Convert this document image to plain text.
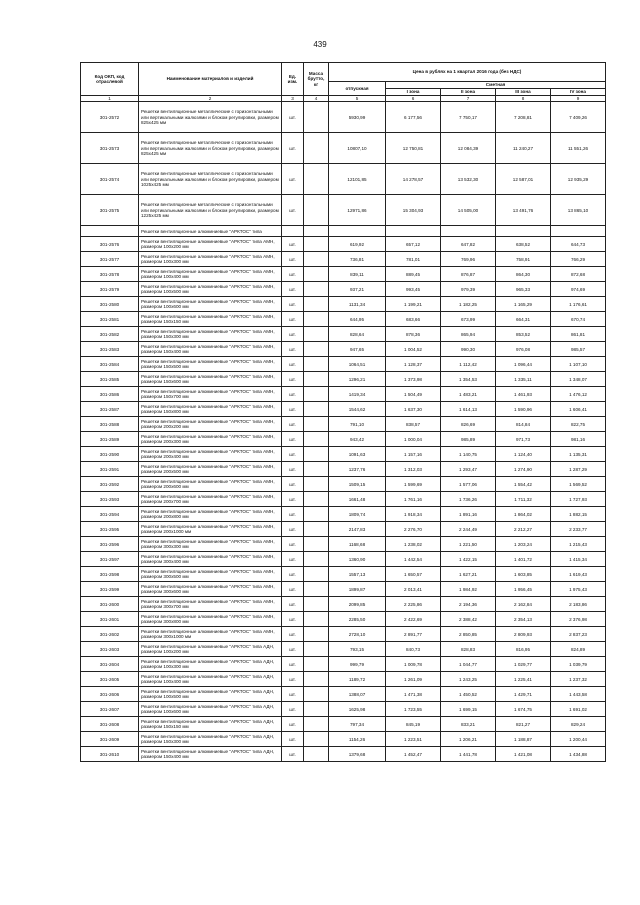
439
Код ОКП, код отраслевой	Наименование материалов и изделий	Ед. изм.	Масса брутто, кг	Цена в рублях на 1 квартал 2016 года (без НДС)				
				отпускная	Сметная			
					I зона	II зона	III зона	IV зона
1	2	3	4	5	6	7	8	9
301-2572	Решетки вентиляционные металлические с горизонтальными или вертикальными жалюзями и блоком регулировки, размером 825х425 мм	шт.		5930,99	6 177,56	7 750,17	7 208,81	7 409,26
301-2573	Решетки вентиляционные металлические с горизонтальными или вертикальными жалюзями и блоком регулировки, размером 825х425 мм	шт.		10807,10	12 750,81	12 084,39	11 240,27	11 551,26
301-2574	Решетки вентиляционные металлические с горизонтальными или вертикальными жалюзями и блоком регулировки, размером 1025х425 мм	шт.		12101,85	14 278,57	13 532,30	12 587,01	12 935,29
301-2575	Решетки вентиляционные металлические с горизонтальными или вертикальными жалюзями и блоком регулировки, размером 1225х425 мм	шт.		12971,86	15 304,93	14 505,00	13 491,76	13 865,10
	Решетки вентиляционные алюминиевые "АРКТОС" типа							
301-2576	Решетки вентиляционные алюминиевые "АРКТОС" типа АМН, размером 100х200 мм	шт.		619,92	657,12	647,82	638,52	644,73
301-2577	Решетки вентиляционные алюминиевые "АРКТОС" типа АМН, размером 100х300 мм	шт.		736,81	781,01	769,96	758,91	766,29
301-2578	Решетки вентиляционные алюминиевые "АРКТОС" типа АМН, размером 100х400 мм	шт.		839,11	889,45	876,87	864,30	872,68
301-2579	Решетки вентиляционные алюминиевые "АРКТОС" типа АМН, размером 100х500 мм	шт.		937,21	993,45	979,39	965,33	974,69
301-2580	Решетки вентиляционные алюминиевые "АРКТОС" типа АМН, размером 100х600 мм	шт.		1131,34	1 199,21	1 182,25	1 165,29	1 176,61
301-2581	Решетки вентиляционные алюминиевые "АРКТОС" типа АМН, размером 150х150 мм	шт.		644,95	683,66	673,99	664,31	670,74
301-2582	Решетки вентиляционные алюминиевые "АРКТОС" типа АМН, размером 150х300 мм	шт.		828,64	878,36	865,94	853,52	861,81
301-2583	Решетки вентиляционные алюминиевые "АРКТОС" типа АМН, размером 150х400 мм	шт.		947,65	1 004,52	990,30	976,08	985,57
301-2584	Решетки вентиляционные алюминиевые "АРКТОС" типа АМН, размером 150х500 мм	шт.		1064,51	1 128,37	1 112,42	1 096,44	1 107,10
301-2585	Решетки вентиляционные алюминиевые "АРКТОС" типа АМН, размером 150х600 мм	шт.		1296,21	1 373,98	1 354,53	1 335,11	1 348,07
301-2586	Решетки вентиляционные алюминиевые "АРКТОС" типа АМН, размером 150х700 мм	шт.		1419,34	1 504,49	1 483,21	1 461,93	1 476,12
301-2587	Решетки вентиляционные алюминиевые "АРКТОС" типа АМН, размером 150х800 мм	шт.		1544,62	1 637,30	1 614,13	1 590,96	1 606,41
301-2588	Решетки вентиляционные алюминиевые "АРКТОС" типа АМН, размером 200х200 мм	шт.		791,10	838,57	826,69	814,84	822,75
301-2589	Решетки вентиляционные алюминиевые "АРКТОС" типа АМН, размером 200х300 мм	шт.		943,42	1 000,04	985,89	971,73	981,16
301-2590	Решетки вентиляционные алюминиевые "АРКТОС" типа АМН, размером 200х400 мм	шт.		1091,63	1 157,16	1 140,75	1 124,40	1 135,31
301-2591	Решетки вентиляционные алюминиевые "АРКТОС" типа АМН, размером 200х500 мм	шт.		1237,76	1 312,03	1 293,47	1 274,90	1 287,29
301-2592	Решетки вентиляционные алюминиевые "АРКТОС" типа АМН, размером 200х600 мм	шт.		1509,15	1 599,69	1 577,06	1 554,42	1 569,52
301-2593	Решетки вентиляционные алюминиевые "АРКТОС" типа АМН, размером 200х700 мм	шт.		1661,48	1 761,16	1 736,26	1 711,32	1 727,93
301-2594	Решетки вентиляционные алюминиевые "АРКТОС" типа АМН, размером 200х800 мм	шт.		1809,74	1 918,34	1 891,16	1 864,02	1 882,15
301-2595	Решетки вентиляционные алюминиевые "АРКТОС" типа АМН, размером 200х1000 мм	шт.		2147,83	2 276,70	2 244,49	2 212,27	2 233,77
301-2596	Решетки вентиляционные алюминиевые "АРКТОС" типа АМН, размером 300х300 мм	шт.		1168,68	1 238,02	1 221,50	1 203,24	1 215,43
301-2597	Решетки вентиляционные алюминиевые "АРКТОС" типа АМН, размером 300х400 мм	шт.		1360,90	1 442,54	1 422,15	1 401,72	1 415,34
301-2598	Решетки вентиляционные алюминиевые "АРКТОС" типа АМН, размером 300х500 мм	шт.		1557,13	1 650,57	1 627,21	1 603,85	1 619,43
301-2599	Решетки вентиляционные алюминиевые "АРКТОС" типа АМН, размером 300х600 мм	шт.		1899,87	2 013,41	1 984,92	1 956,45	1 975,43
301-2600	Решетки вентиляционные алюминиевые "АРКТОС" типа АМН, размером 300х700 мм	шт.		2099,85	2 225,86	2 194,36	2 162,84	2 183,86
301-2601	Решетки вентиляционные алюминиевые "АРКТОС" типа АМН, размером 300х800 мм	шт.		2285,50	2 422,69	2 388,42	2 354,13	2 376,98
301-2602	Решетки вентиляционные алюминиевые "АРКТОС" типа АМН, размером 300х1000 мм	шт.		2728,10	2 891,77	2 850,85	2 809,93	2 837,23
301-2603	Решетки вентиляционные алюминиевые "АРКТОС" типа АДН, размером 100х200 мм	шт.		793,15	840,73	828,83	816,95	824,89
301-2604	Решетки вентиляционные алюминиевые "АРКТОС" типа АДН, размером 100х300 мм	шт.		999,79	1 009,78	1 044,77	1 029,77	1 039,79
301-2605	Решетки вентиляционные алюминиевые "АРКТОС" типа АДН, размером 100х400 мм	шт.		1189,72	1 261,09	1 243,25	1 225,41	1 237,32
301-2606	Решетки вентиляционные алюминиевые "АРКТОС" типа АДН, размером 100х500 мм	шт.		1388,07	1 471,38	1 450,52	1 429,71	1 443,58
301-2607	Решетки вентиляционные алюминиевые "АРКТОС" типа АДН, размером 100х600 мм	шт.		1625,98	1 723,55	1 699,15	1 674,75	1 691,02
301-2608	Решетки вентиляционные алюминиевые "АРКТОС" типа АДН, размером 150х150 мм	шт.		797,34	845,19	833,21	821,27	829,24
301-2609	Решетки вентиляционные алюминиевые "АРКТОС" типа АДН, размером 150х300 мм	шт.		1154,26	1 223,51	1 206,21	1 188,87	1 200,44
301-2610	Решетки вентиляционные алюминиевые "АРКТОС" типа АДН, размером 150х400 мм	шт.		1379,68	1 452,47	1 441,78	1 421,08	1 434,88
